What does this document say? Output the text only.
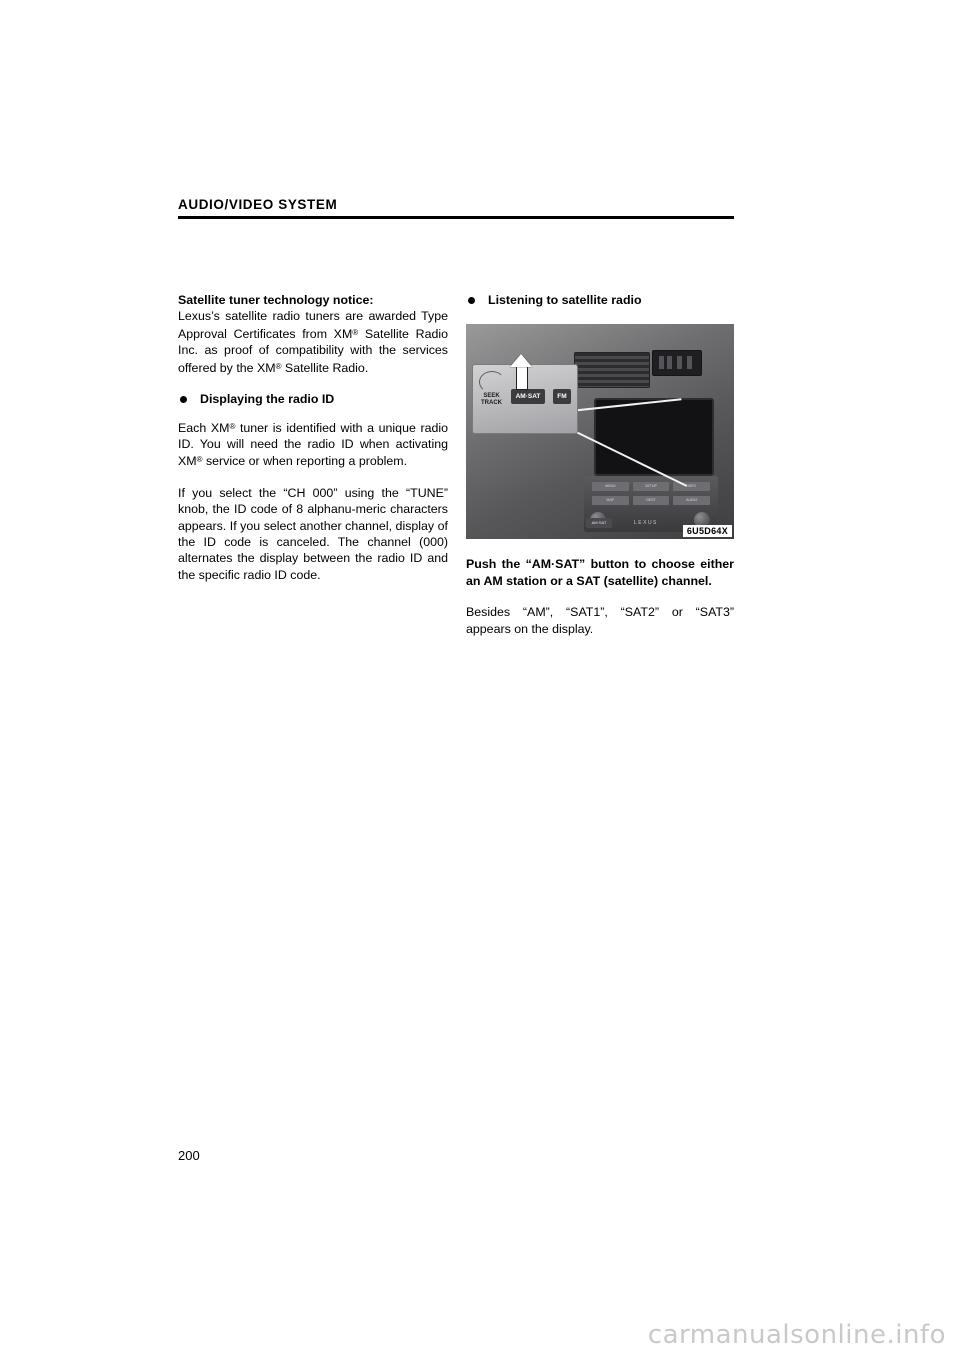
AUDIO/VIDEO SYSTEM

Satellite tuner technology notice:

Lexus’s satellite radio tuners are awarded Type Approval Certificates from XM® Satellite Radio Inc. as proof of compatibility with the services offered by the XM® Satellite Radio.

Displaying the radio ID

Each XM® tuner is identified with a unique radio ID. You will need the radio ID when activating XM® service or when reporting a problem.

If you select the “CH 000” using the “TUNE” knob, the ID code of 8 alphanu-meric characters appears. If you select another channel, display of the ID code is canceled. The channel (000) alternates the display between the radio ID and the specific radio ID code.

Listening to satellite radio
MENU	SETUP	INFO
MAP	DEST	AUDIO
AM·SAT	LEXUS
SEEK
TRACK
AM·SAT	FM
6U5D64X

Push the “AM·SAT” button to choose either an AM station or a SAT (satellite) channel.

Besides “AM”, “SAT1”, “SAT2” or “SAT3” appears on the display.

200
carmanualsonline.info
